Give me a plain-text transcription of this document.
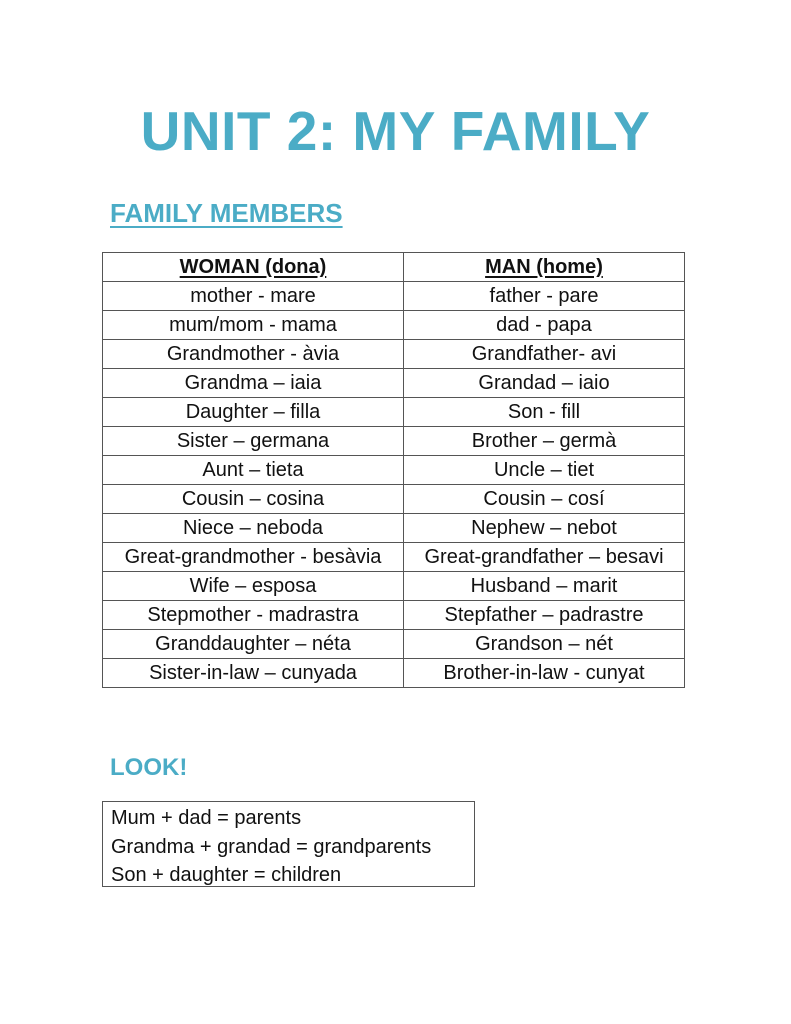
UNIT 2: MY FAMILY
FAMILY MEMBERS
WOMAN (dona)	MAN (home)
mother - mare	father - pare
mum/mom - mama	dad - papa
Grandmother - àvia	Grandfather- avi
Grandma – iaia	Grandad – iaio
Daughter – filla	Son - fill
Sister – germana	Brother – germà
Aunt – tieta	Uncle – tiet
Cousin – cosina	Cousin – cosí
Niece – neboda	Nephew – nebot
Great-grandmother - besàvia	Great-grandfather – besavi
Wife – esposa	Husband – marit
Stepmother - madrastra	Stepfather – padrastre
Granddaughter – néta	Grandson – nét
Sister-in-law – cunyada	Brother-in-law - cunyat
LOOK!
Mum + dad = parents
Grandma + grandad = grandparents
Son + daughter = children
